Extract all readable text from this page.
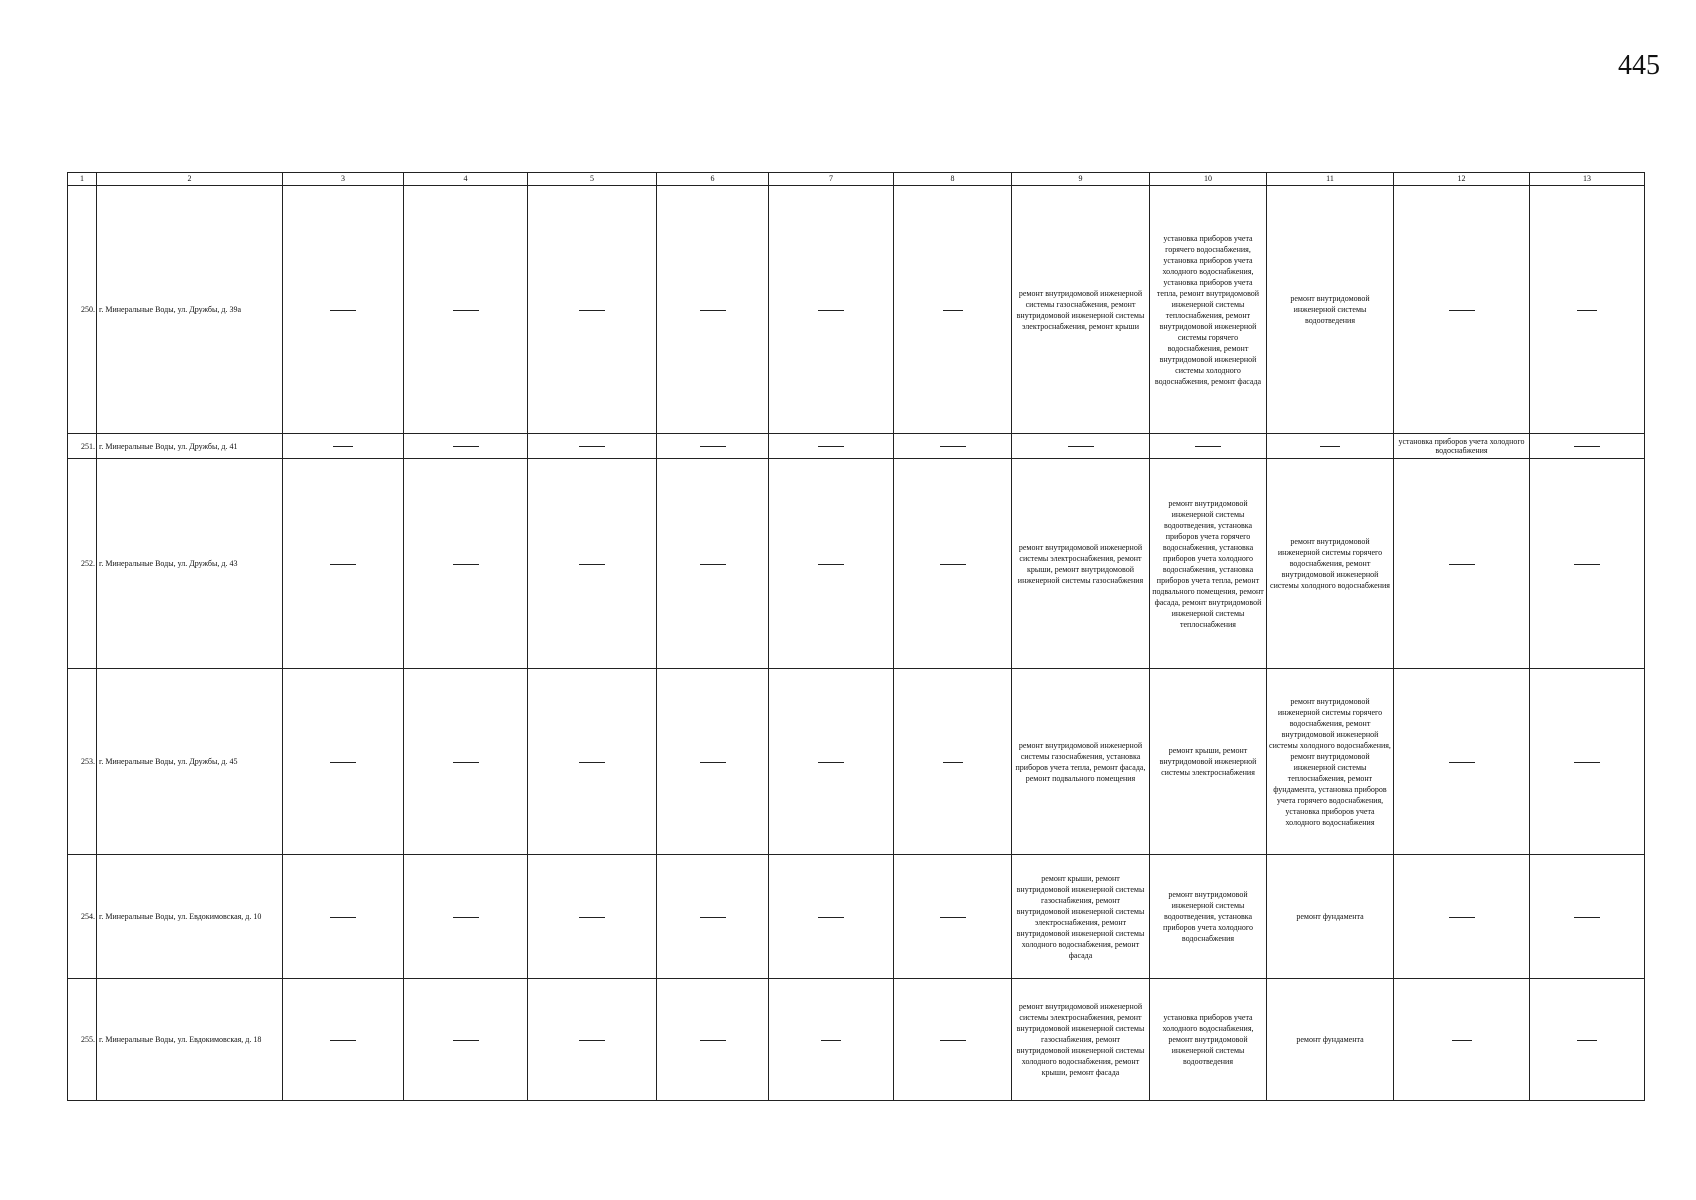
445
1	2	3	4	5	6	7	8	9	10	11	12	13
250.	г. Минеральные Воды, ул. Дружбы, д. 39а							ремонт внутридомовой инженерной системы газоснабжения, ремонт внутридомовой инженерной системы электроснабжения, ремонт крыши	установка приборов учета горячего водоснабжения, установка приборов учета холодного водоснабжения, установка приборов учета тепла, ремонт внутридомовой инженерной системы теплоснабжения, ремонт внутридомовой инженерной системы горячего водоснабжения, ремонт внутридомовой инженерной системы холодного водоснабжения, ремонт фасада	ремонт внутридомовой инженерной системы водоотведения		
251.	г. Минеральные Воды, ул. Дружбы, д. 41										установка приборов учета холодного водоснабжения	
252.	г. Минеральные Воды, ул. Дружбы, д. 43							ремонт внутридомовой инженерной системы электроснабжения, ремонт крыши, ремонт внутридомовой инженерной системы газоснабжения	ремонт внутридомовой инженерной системы водоотведения, установка приборов учета горячего водоснабжения, установка приборов учета холодного водоснабжения, установка приборов учета тепла, ремонт подвального помещения, ремонт фасада, ремонт внутридомовой инженерной системы теплоснабжения	ремонт внутридомовой инженерной системы горячего водоснабжения, ремонт внутридомовой инженерной системы холодного водоснабжения		
253.	г. Минеральные Воды, ул. Дружбы, д. 45							ремонт внутридомовой инженерной системы газоснабжения, установка приборов учета тепла, ремонт фасада, ремонт подвального помещения	ремонт крыши, ремонт внутридомовой инженерной системы электроснабжения	ремонт внутридомовой инженерной системы горячего водоснабжения, ремонт внутридомовой инженерной системы холодного водоснабжения, ремонт внутридомовой инженерной системы теплоснабжения, ремонт фундамента, установка приборов учета горячего водоснабжения, установка приборов учета холодного водоснабжения		
254.	г. Минеральные Воды, ул. Евдокимовская, д. 10							ремонт крыши, ремонт внутридомовой инженерной системы газоснабжения, ремонт внутридомовой инженерной системы электроснабжения, ремонт внутридомовой инженерной системы холодного водоснабжения, ремонт фасада	ремонт внутридомовой инженерной системы водоотведения, установка приборов учета холодного водоснабжения	ремонт фундамента		
255.	г. Минеральные Воды, ул. Евдокимовская, д. 18							ремонт внутридомовой инженерной системы электроснабжения, ремонт внутридомовой инженерной системы газоснабжения, ремонт внутридомовой инженерной системы холодного водоснабжения, ремонт крыши, ремонт фасада	установка приборов учета холодного водоснабжения, ремонт внутридомовой инженерной системы водоотведения	ремонт фундамента		
